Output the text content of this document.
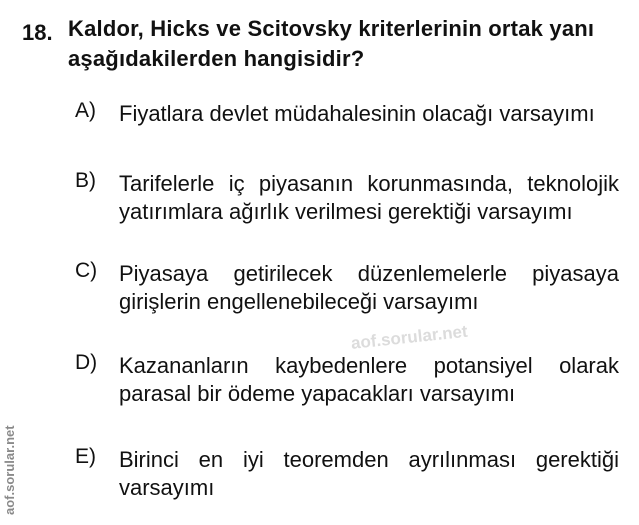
18. Kaldor, Hicks ve Scitovsky kriterlerinin ortak yanı aşağıdakilerden hangisidir?
A) Fiyatlara devlet müdahalesinin olacağı varsayımı
B) Tarifelerle iç piyasanın korunmasında, teknolojik yatırımlara ağırlık verilmesi gerektiği varsayımı
C) Piyasaya getirilecek düzenlemelerle piyasaya girişlerin engellenebileceği varsayımı
D) Kazananların kaybedenlere potansiyel olarak parasal bir ödeme yapacakları varsayımı
E) Birinci en iyi teoremden ayrılınması gerektiği varsayımı
aof.sorular.net
aof.sorular.net
